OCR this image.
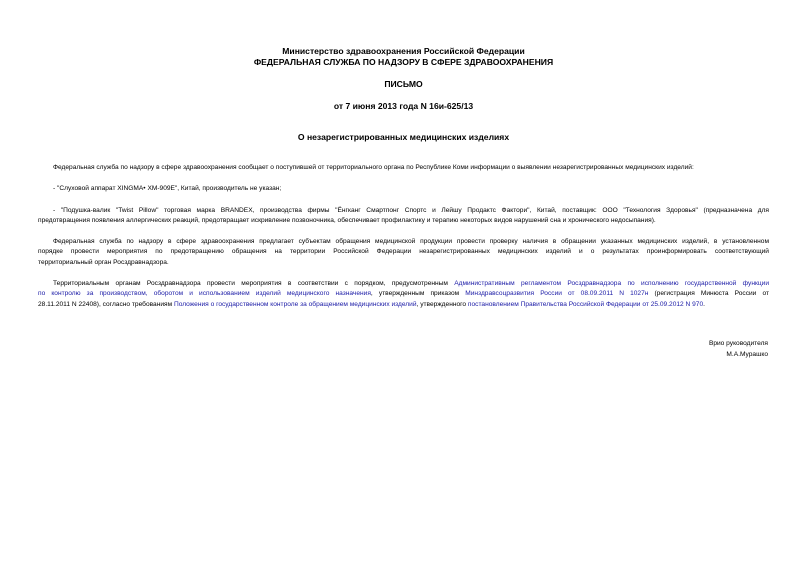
Министерство здравоохранения Российской Федерации
ФЕДЕРАЛЬНАЯ СЛУЖБА ПО НАДЗОРУ В СФЕРЕ ЗДРАВООХРАНЕНИЯ
ПИСЬМО
от 7 июня 2013 года N 16и-625/13
О незарегистрированных медицинских изделиях
Федеральная служба по надзору в сфере здравоохранения сообщает о поступившей от территориального органа по Республике Коми информации о выявлении незарегистрированных медицинских изделий:
- "Слуховой аппарат XINGMA• XM-909E", Китай, производитель не указан;
- "Подушка-валик "Twist Pillow" торговая марка BRANDEX, производства фирмы "Ёнгканг Смартпонг Спортс и Лейшу Продактс Фактори", Китай, поставщик: ООО "Технология Здоровья" (предназначена для
предотвращения появления аллергических реакций, предотвращает искривление позвоночника, обеспечивает профилактику и терапию некоторых видов нарушений сна и хронического недосыпания).
Федеральная служба по надзору в сфере здравоохранения предлагает субъектам обращения медицинской продукции провести проверку наличия в обращении указанных медицинских изделий, в установленном
порядке провести мероприятия по предотвращению обращения на территории Российской Федерации незарегистрированных медицинских изделий и о результатах проинформировать соответствующий
территориальный орган Росздравнадзора.
Территориальным органам Росздравнадзора провести мероприятия в соответствии с порядком, предусмотренным Административным регламентом Росздравнадзора по исполнению государственной функции
по контролю за производством, оборотом и использованием изделий медицинского назначения, утвержденным приказом Минздравсоцразвития России от 08.09.2011 N 1027н (регистрация Минюста России от
28.11.2011 N 22408), согласно требованиям Положения о государственном контроле за обращением медицинских изделий, утвержденного постановлением Правительства Российской Федерации от 25.09.2012 N 970.
Врио руководителя
М.А.Мурашко
